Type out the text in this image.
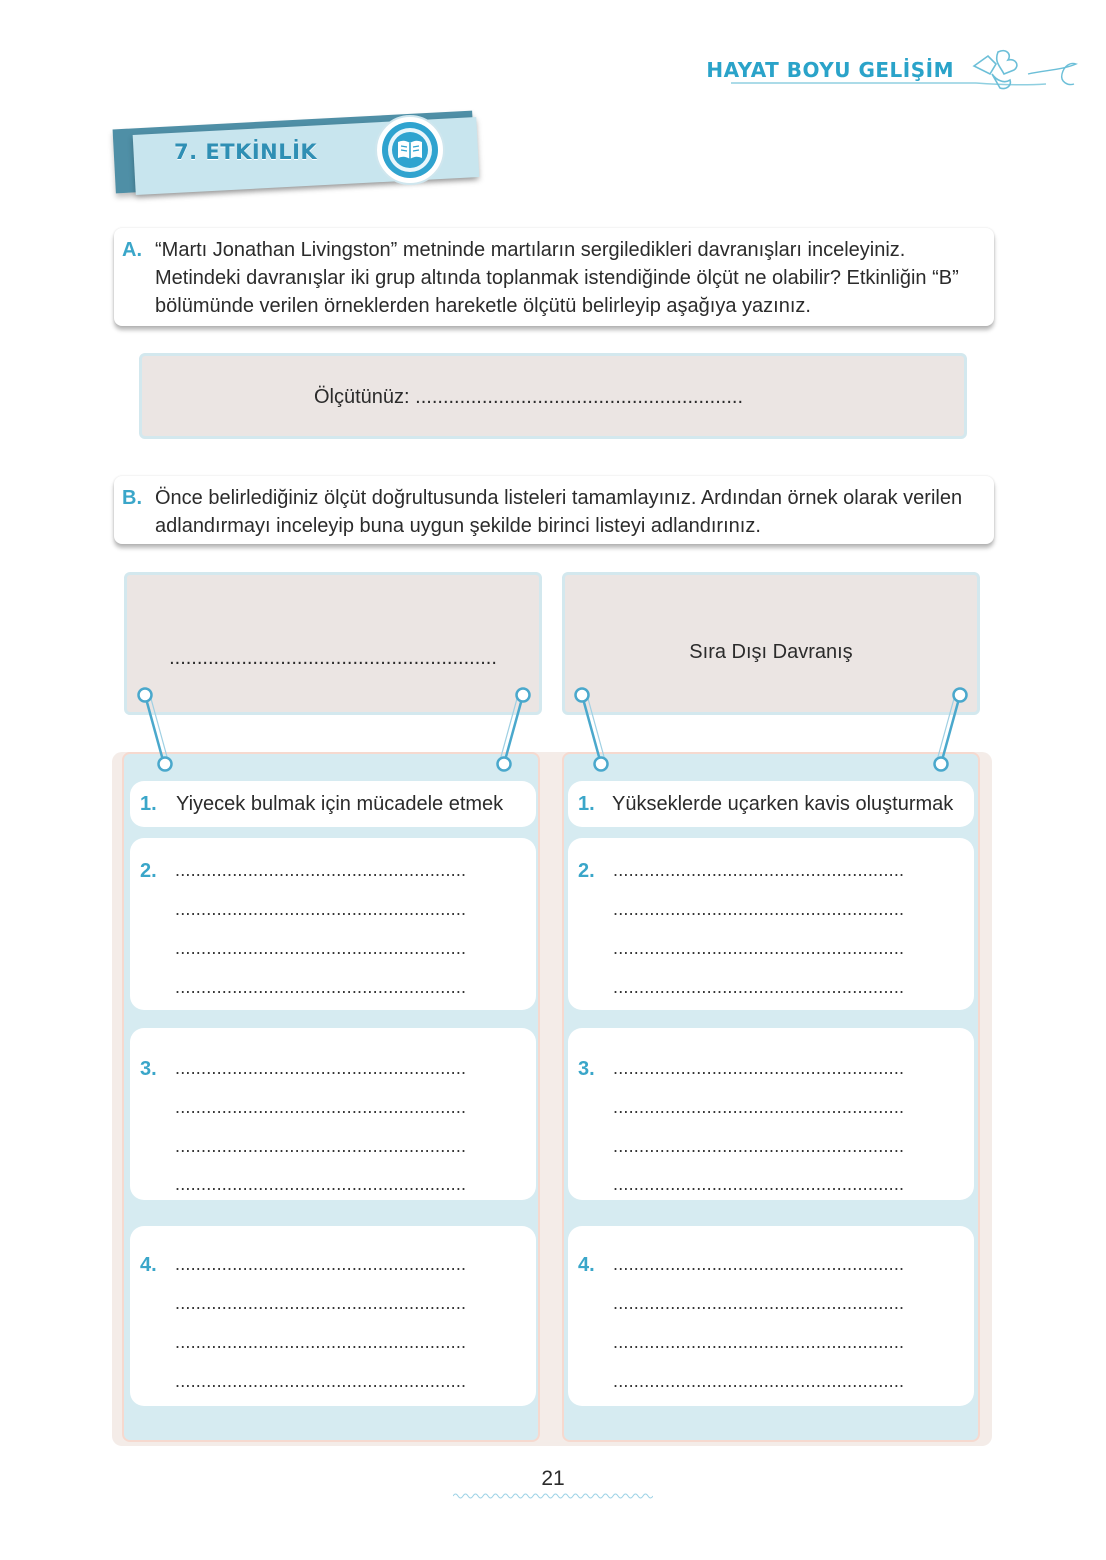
HAYAT BOYU GELİŞİM
7. ETKİNLİK
A. “Martı Jonathan Livingston” metninde martıların sergiledikleri davranışları inceleyiniz. Metindeki davranışlar iki grup altında toplanmak istendiğinde ölçüt ne olabilir? Etkinliğin “B” bölümünde verilen örneklerden hareketle ölçütü belirleyip aşağıya yazınız.

Ölçütünüz: ...........................................................
B. Önce belirlediğiniz ölçüt doğrultusunda listeleri tamamlayınız. Ardından örnek olarak verilen adlandırmayı inceleyip buna uygun şekilde birinci listeyi adlandırınız.

...........................................................	Sıra Dışı Davranış
1. Yiyecek bulmak için mücadele etmek
2. ........................................................
........................................................
........................................................
........................................................
3. ........................................................
........................................................
........................................................
........................................................
4. ........................................................
........................................................
........................................................
........................................................
1. Yükseklerde uçarken kavis oluşturmak
2. ........................................................
........................................................
........................................................
........................................................
3. ........................................................
........................................................
........................................................
........................................................
4. ........................................................
........................................................
........................................................
........................................................
21
